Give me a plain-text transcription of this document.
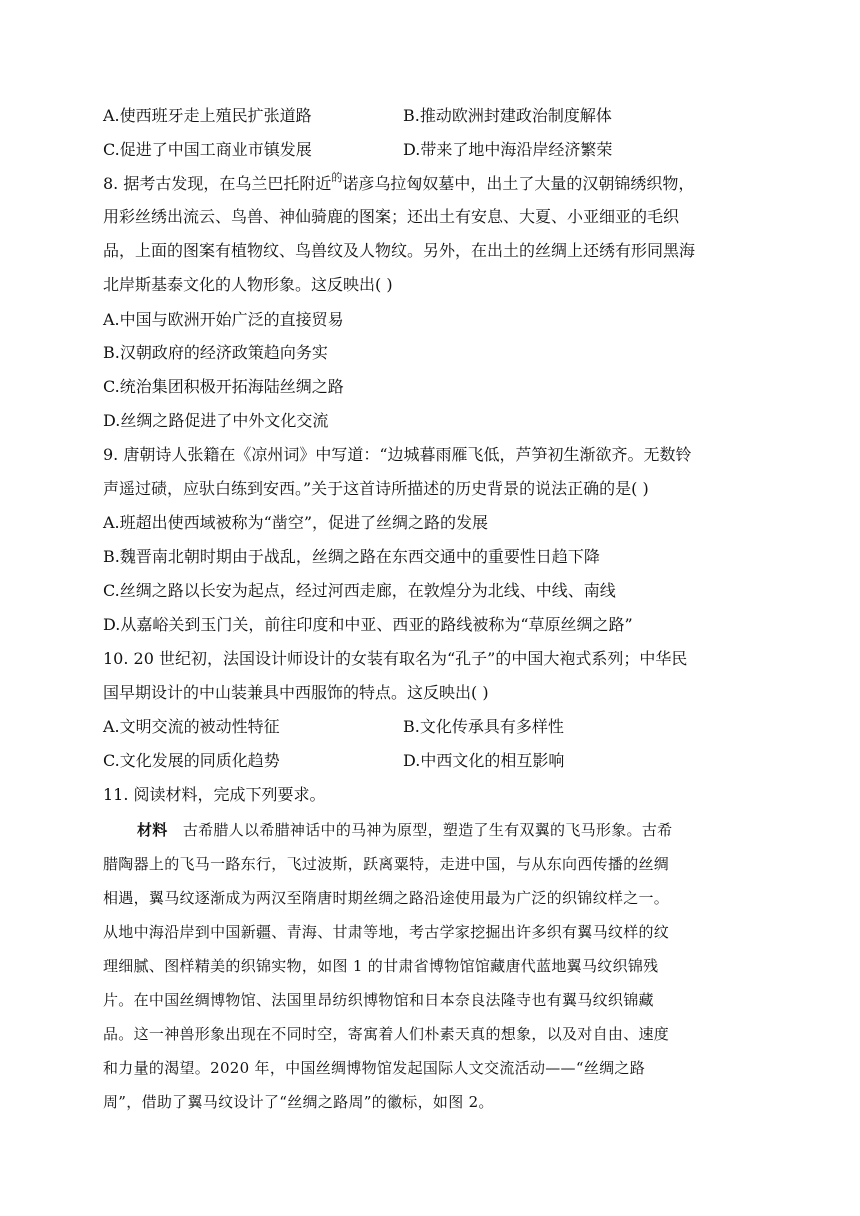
A.使西班牙走上殖民扩张道路	B.推动欧洲封建政治制度解体
C.促进了中国工商业市镇发展	D.带来了地中海沿岸经济繁荣
8. 据考古发现，在乌兰巴托附近$^的$诺彦乌拉匈奴墓中，出土了大量的汉朝锦绣织物，
用彩丝绣出流云、鸟兽、神仙骑鹿的图案；还出土有安息、大夏、小亚细亚的毛织
品，上面的图案有植物纹、鸟兽纹及人物纹。另外，在出土的丝绸上还绣有形同黑海
北岸斯基泰文化的人物形象。这反映出( )
A.中国与欧洲开始广泛的直接贸易
B.汉朝政府的经济政策趋向务实
C.统治集团积极开拓海陆丝绸之路
D.丝绸之路促进了中外文化交流
9. 唐朝诗人张籍在《凉州词》中写道：“边城暮雨雁飞低，芦笋初生渐欲齐。无数铃
声遥过碛，应驮白练到安西。”关于这首诗所描述的历史背景的说法正确的是( )
A.班超出使西域被称为“凿空”，促进了丝绸之路的发展
B.魏晋南北朝时期由于战乱，丝绸之路在东西交通中的重要性日趋下降
C.丝绸之路以长安为起点，经过河西走廊，在敦煌分为北线、中线、南线
D.从嘉峪关到玉门关，前往印度和中亚、西亚的路线被称为“草原丝绸之路”
10. 20 世纪初，法国设计师设计的女装有取名为“孔子”的中国大袍式系列；中华民
国早期设计的中山装兼具中西服饰的特点。这反映出( )
A.文明交流的被动性特征	B.文化传承具有多样性
C.文化发展的同质化趋势	D.中西文化的相互影响
11. 阅读材料，完成下列要求。
材料 古希腊人以希腊神话中的马神为原型，塑造了生有双翼的飞马形象。古希
腊陶器上的飞马一路东行，飞过波斯，跃离粟特，走进中国，与从东向西传播的丝绸
相遇，翼马纹逐渐成为两汉至隋唐时期丝绸之路沿途使用最为广泛的织锦纹样之一。
从地中海沿岸到中国新疆、青海、甘肃等地，考古学家挖掘出许多织有翼马纹样的纹
理细腻、图样精美的织锦实物，如图 1 的甘肃省博物馆馆藏唐代蓝地翼马纹织锦残
片。在中国丝绸博物馆、法国里昂纺织博物馆和日本奈良法隆寺也有翼马纹织锦藏
品。这一神兽形象出现在不同时空，寄寓着人们朴素天真的想象，以及对自由、速度
和力量的渴望。2020 年，中国丝绸博物馆发起国际人文交流活动——“丝绸之路
周”，借助了翼马纹设计了“丝绸之路周”的徽标，如图 2。
